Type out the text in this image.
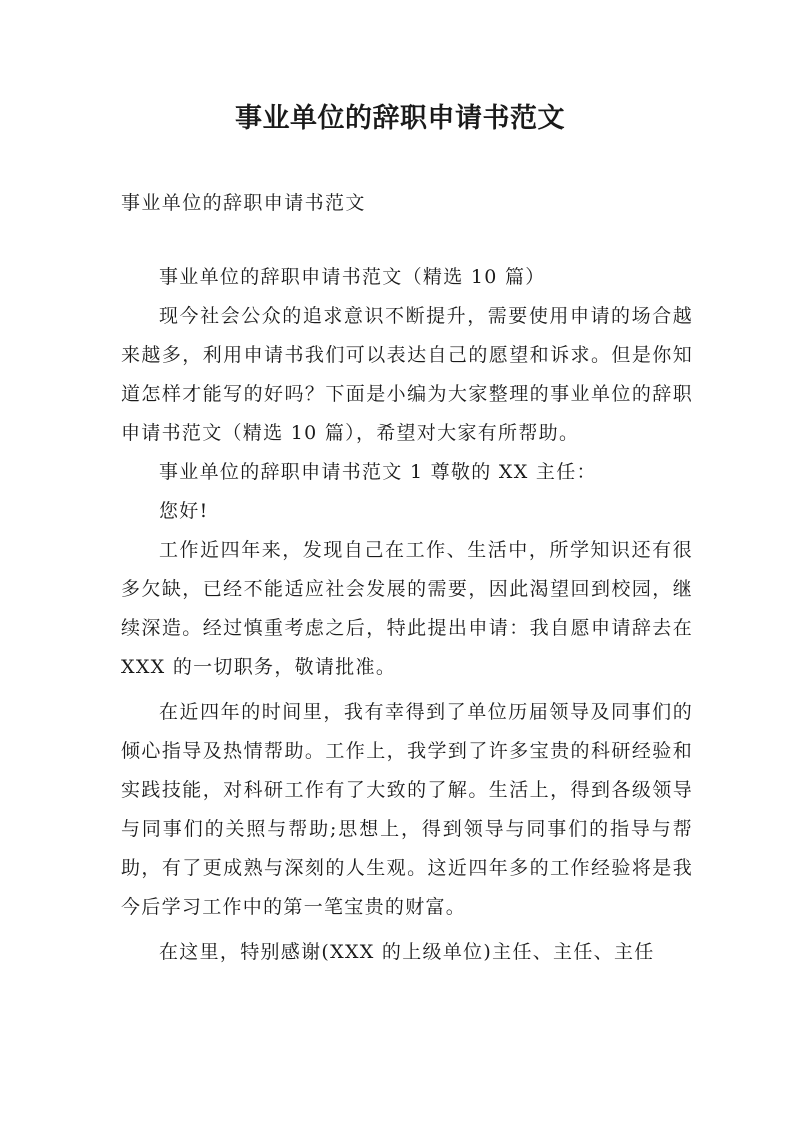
事业单位的辞职申请书范文
事业单位的辞职申请书范文

事业单位的辞职申请书范文（精选 10 篇）

现今社会公众的追求意识不断提升，需要使用申请的场合越来越多，利用申请书我们可以表达自己的愿望和诉求。但是你知道怎样才能写的好吗？下面是小编为大家整理的事业单位的辞职申请书范文（精选 10 篇），希望对大家有所帮助。

事业单位的辞职申请书范文 1 尊敬的 XX 主任：

您好!

工作近四年来，发现自己在工作、生活中，所学知识还有很多欠缺，已经不能适应社会发展的需要，因此渴望回到校园，继续深造。经过慎重考虑之后，特此提出申请：我自愿申请辞去在 XXX 的一切职务，敬请批准。

在近四年的时间里，我有幸得到了单位历届领导及同事们的倾心指导及热情帮助。工作上，我学到了许多宝贵的科研经验和实践技能，对科研工作有了大致的了解。生活上，得到各级领导与同事们的关照与帮助;思想上，得到领导与同事们的指导与帮助，有了更成熟与深刻的人生观。这近四年多的工作经验将是我今后学习工作中的第一笔宝贵的财富。

在这里，特别感谢(XXX 的上级单位)主任、主任、主任
